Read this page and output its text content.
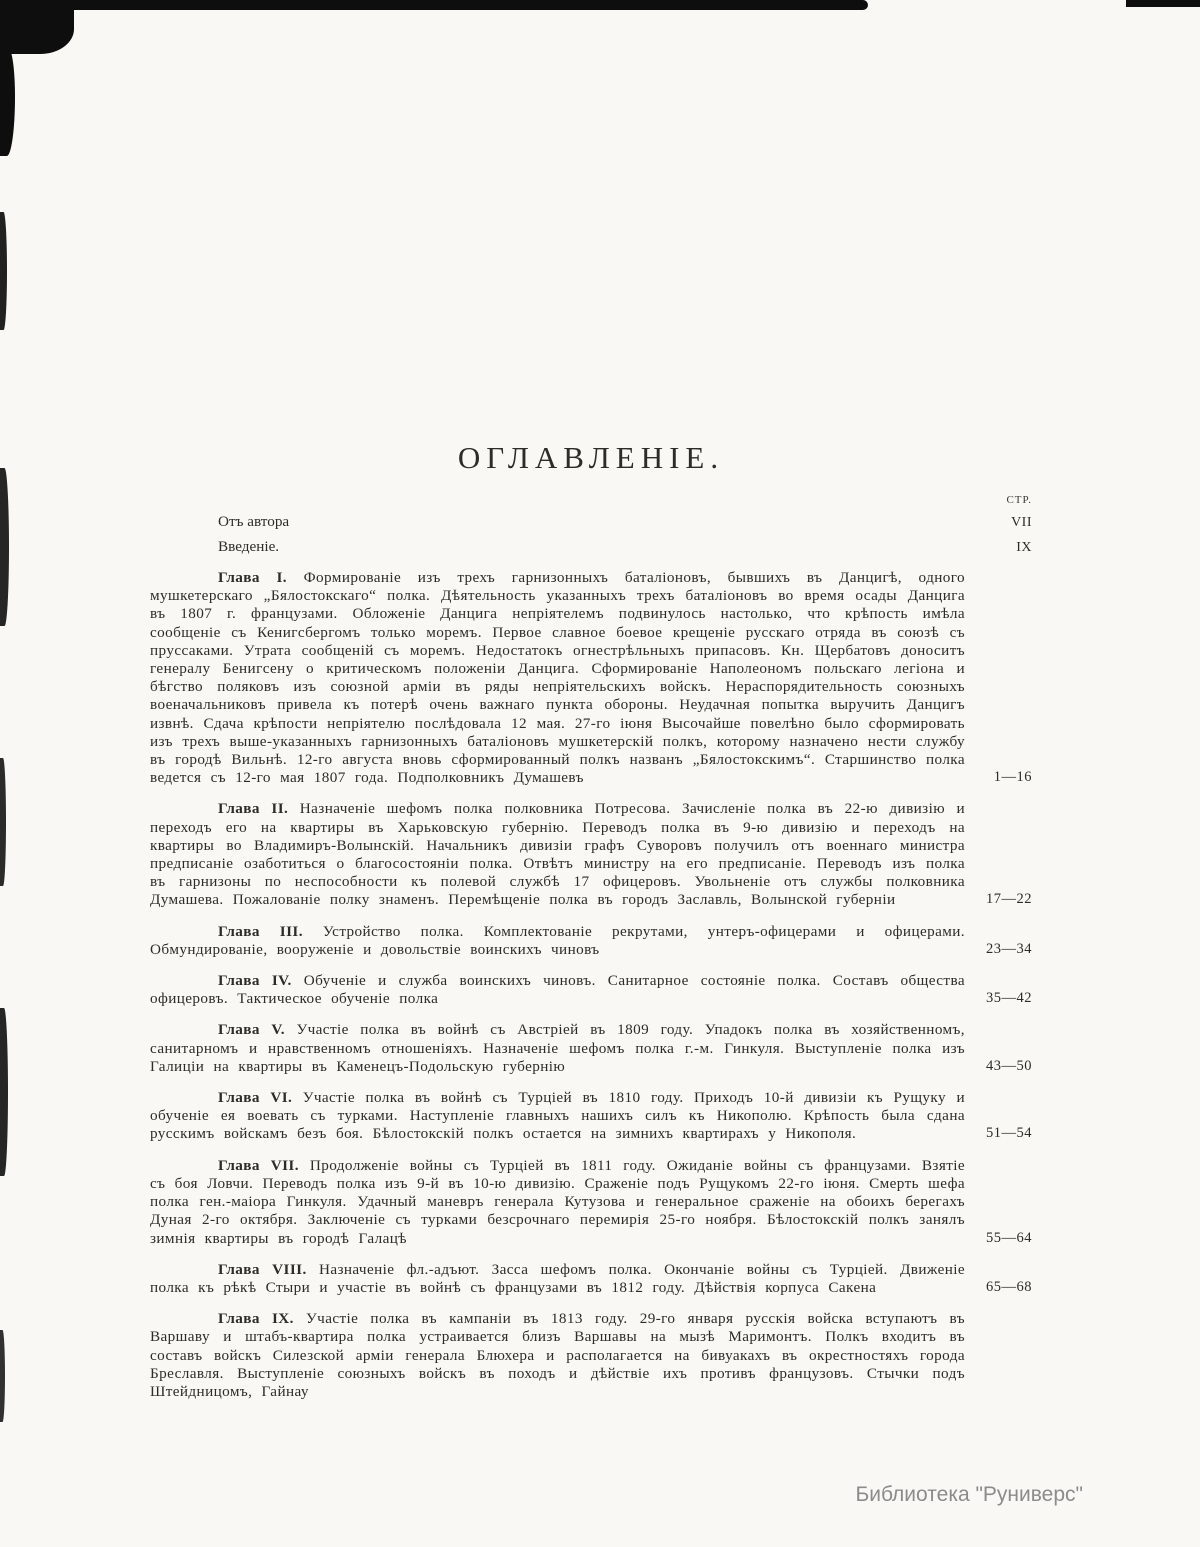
ОГЛАВЛЕНІЕ.
СТР.
Отъ автора	VII
Введеніе.	IX
Глава I. Формированіе изъ трехъ гарнизонныхъ баталіоновъ, бывшихъ въ Данцигѣ, одного мушкетерскаго „Бялостокскаго“ полка. Дѣятельность указанныхъ трехъ баталіоновъ во время осады Данцига въ 1807 г. французами. Обложеніе Данцига непріятелемъ подвинулось настолько, что крѣпость имѣла сообщеніе съ Кенигсбергомъ только моремъ. Первое славное боевое крещеніе русскаго отряда въ союзѣ съ пруссаками. Утрата сообщеній съ моремъ. Недостатокъ огнестрѣльныхъ припасовъ. Кн. Щербатовъ доноситъ генералу Бенигсену о критическомъ положеніи Данцига. Сформированіе Наполеономъ польскаго легіона и бѣгство поляковъ изъ союзной арміи въ ряды непріятельскихъ войскъ. Нераспорядительность союзныхъ военачальниковъ привела къ потерѣ очень важнаго пункта обороны. Неудачная попытка выручить Данцигъ извнѣ. Сдача крѣпости непріятелю послѣдовала 12 мая. 27-го іюня Высочайше повелѣно было сформировать изъ трехъ выше-указанныхъ гарнизонныхъ баталіоновъ мушкетерскій полкъ, которому назначено нести службу въ городѣ Вильнѣ. 12-го августа вновь сформированный полкъ названъ „Бялостокскимъ“. Старшинство полка ведется съ 12-го мая 1807 года. Подполковникъ Думашевъ	1—16
Глава II. Назначеніе шефомъ полка полковника Потресова. Зачисленіе полка въ 22-ю дивизію и переходъ его на квартиры въ Харьковскую губернію. Переводъ полка въ 9-ю дивизію и переходъ на квартиры во Владимиръ-Волынскій. Начальникъ дивизіи графъ Суворовъ получилъ отъ военнаго министра предписаніе озаботиться о благосостояніи полка. Отвѣтъ министру на его предписаніе. Переводъ изъ полка въ гарнизоны по неспособности къ полевой службѣ 17 офицеровъ. Увольненіе отъ службы полковника Думашева. Пожалованіе полку знаменъ. Перемѣщеніе полка въ городъ Заславль, Волынской губерніи	17—22
Глава III. Устройство полка. Комплектованіе рекрутами, унтеръ-офицерами и офицерами. Обмундированіе, вооруженіе и довольствіе воинскихъ чиновъ	23—34
Глава IV. Обученіе и служба воинскихъ чиновъ. Санитарное состояніе полка. Составъ общества офицеровъ. Тактическое обученіе полка	35—42
Глава V. Участіе полка въ войнѣ съ Австріей въ 1809 году. Упадокъ полка въ хозяйственномъ, санитарномъ и нравственномъ отношеніяхъ. Назначеніе шефомъ полка г.-м. Гинкуля. Выступленіе полка изъ Галиціи на квартиры въ Каменецъ-Подольскую губернію	43—50
Глава VI. Участіе полка въ войнѣ съ Турціей въ 1810 году. Приходъ 10-й дивизіи къ Рущуку и обученіе ея воевать съ турками. Наступленіе главныхъ нашихъ силъ къ Никополю. Крѣпость была сдана русскимъ войскамъ безъ боя. Бѣлостокскій полкъ остается на зимнихъ квартирахъ у Никополя.	51—54
Глава VII. Продолженіе войны съ Турціей въ 1811 году. Ожиданіе войны съ французами. Взятіе съ боя Ловчи. Переводъ полка изъ 9-й въ 10-ю дивизію. Сраженіе подъ Рущукомъ 22-го іюня. Смерть шефа полка ген.-маіора Гинкуля. Удачный маневръ генерала Кутузова и генеральное сраженіе на обоихъ берегахъ Дуная 2-го октября. Заключеніе съ турками безсрочнаго перемирія 25-го ноября. Бѣлостокскій полкъ занялъ зимнія квартиры въ городѣ Галацѣ	55—64
Глава VIII. Назначеніе фл.-адъют. Засса шефомъ полка. Окончаніе войны съ Турціей. Движеніе полка къ рѣкѣ Стыри и участіе въ войнѣ съ французами въ 1812 году. Дѣйствія корпуса Сакена	65—68
Глава IX. Участіе полка въ кампаніи въ 1813 году. 29-го января русскія войска вступаютъ въ Варшаву и штабъ-квартира полка устраивается близъ Варшавы на мызѣ Маримонтъ. Полкъ входитъ въ составъ войскъ Силезской арміи генерала Блюхера и располагается на бивуакахъ въ окрестностяхъ города Бреславля. Выступленіе союзныхъ войскъ въ походъ и дѣйствіе ихъ противъ французовъ. Стычки подъ Штейдницомъ, Гайнау
Библиотека "Руниверс"
